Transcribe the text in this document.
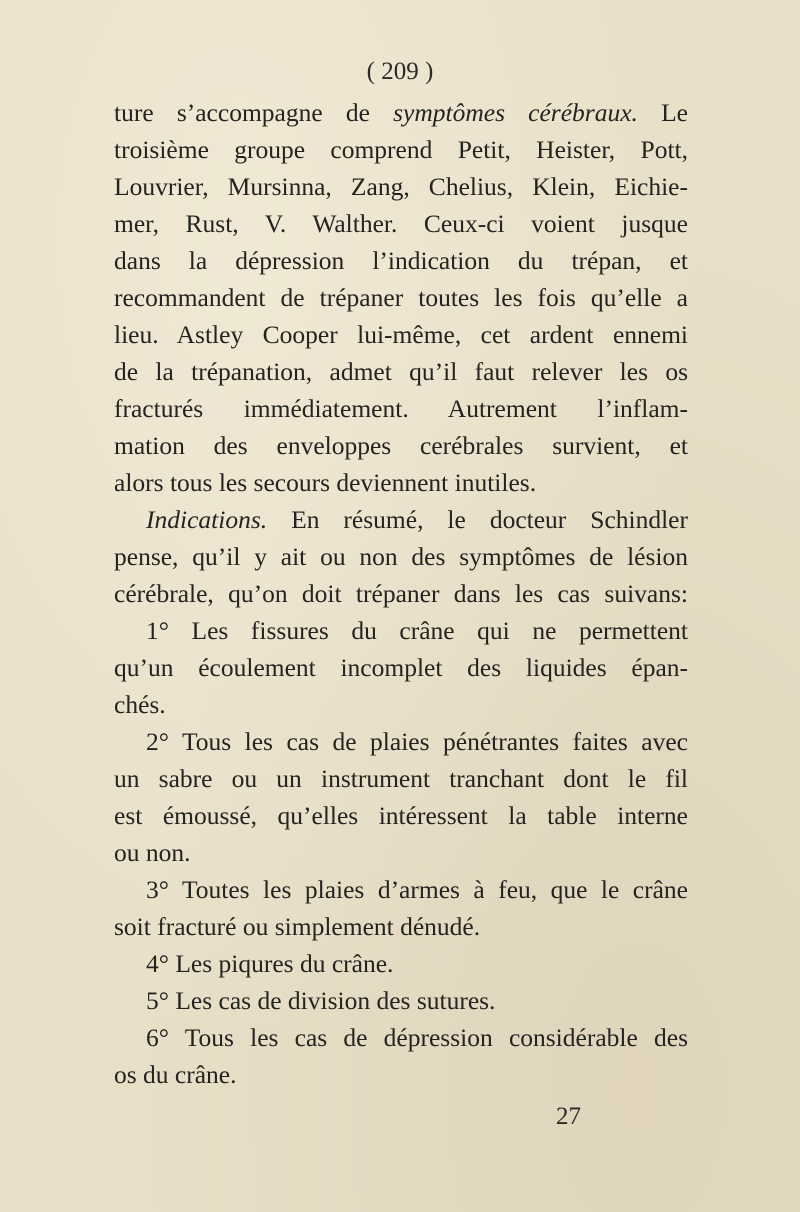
( 209 )
ture s’accompagne de symptômes cérébraux. Le
troisième groupe comprend Petit, Heister, Pott,
Louvrier, Mursinna, Zang, Chelius, Klein, Eichie-
mer, Rust, V. Walther. Ceux-ci voient jusque
dans la dépression l’indication du trépan, et
recommandent de trépaner toutes les fois qu’elle a
lieu. Astley Cooper lui-même, cet ardent ennemi
de la trépanation, admet qu’il faut relever les os
fracturés immédiatement. Autrement l’inflam-
mation des enveloppes cerébrales survient, et
alors tous les secours deviennent inutiles.
Indications. En résumé, le docteur Schindler
pense, qu’il y ait ou non des symptômes de lésion
cérébrale, qu’on doit trépaner dans les cas suivans:
1° Les fissures du crâne qui ne permettent
qu’un écoulement incomplet des liquides épan-
chés.
2° Tous les cas de plaies pénétrantes faites avec
un sabre ou un instrument tranchant dont le fil
est émoussé, qu’elles intéressent la table interne
ou non.
3° Toutes les plaies d’armes à feu, que le crâne
soit fracturé ou simplement dénudé.
4° Les piqures du crâne.
5° Les cas de division des sutures.
6° Tous les cas de dépression considérable des
os du crâne.
27
